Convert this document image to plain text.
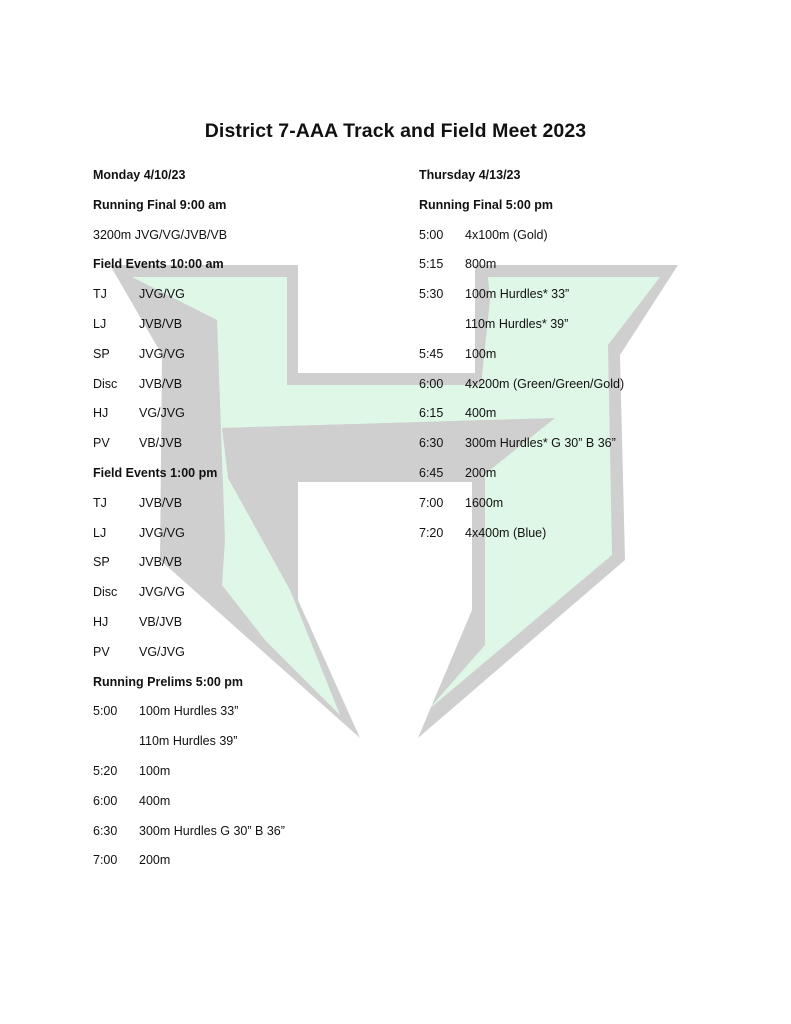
District 7-AAA Track and Field Meet 2023
Monday 4/10/23
Running Final 9:00 am
3200m JVG/VG/JVB/VB
Field Events 10:00 am
TJ	JVG/VG
LJ	JVB/VB
SP JVG/VG
Disc JVB/VB
HJ VG/JVG
PV VB/JVB
Field Events 1:00 pm
TJ	JVB/VB
LJ	JVG/VG
SP JVB/VB
Disc JVG/VG
HJ VB/JVB
PV VG/JVG
Running Prelims 5:00 pm
5:00 100m Hurdles 33”
110m Hurdles 39”
5:20 100m
6:00 400m
6:30 300m Hurdles G 30” B 36”
7:00 200m
Thursday 4/13/23
Running Final 5:00 pm
5:00 4x100m (Gold)
5:15 800m
5:30 100m Hurdles* 33”
110m Hurdles* 39”
5:45 100m
6:00 4x200m (Green/Green/Gold)
6:15 400m
6:30 300m Hurdles* G 30” B 36”
6:45 200m
7:00 1600m
7:20 4x400m (Blue)
